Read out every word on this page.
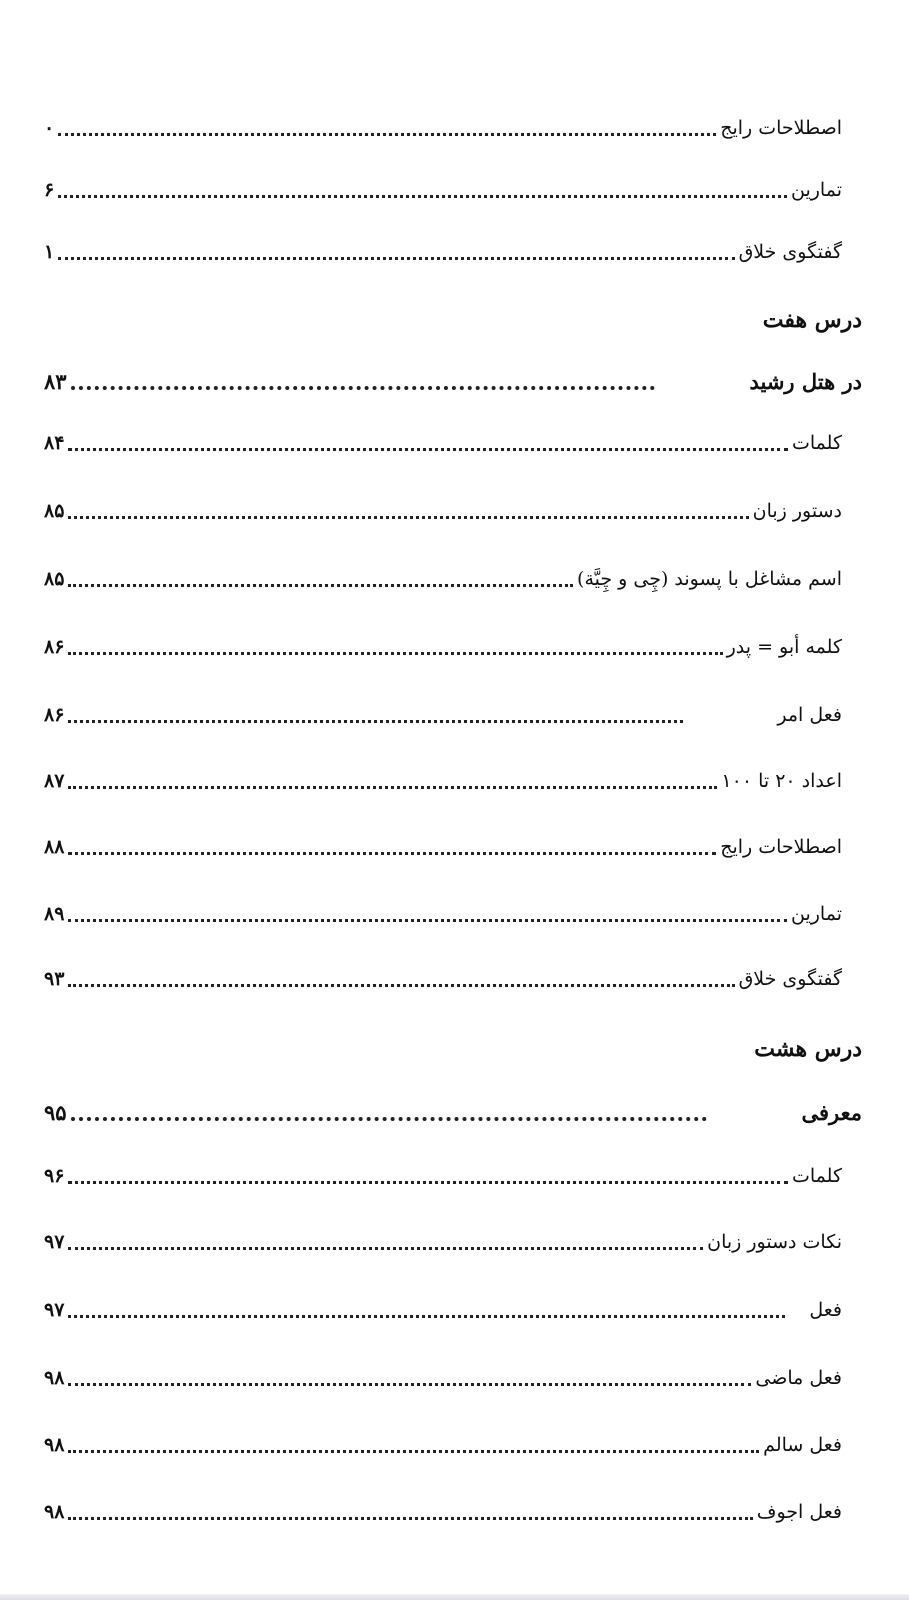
اصطلاحات رایج
۰
تمارین
۶
گفتگوی خلاق
۱
درس هفت
در هتل رشید
۸۳
کلمات
۸۴
دستور زبان
۸۵
اسم مشاغل با پسوند (چِی و چِیَّة)
۸۵
کلمه أبو = پدر
۸۶
فعل امر
۸۶
اعداد ۲۰ تا ۱۰۰
۸۷
اصطلاحات رایج
۸۸
تمارین
۸۹
گفتگوی خلاق
۹۳
درس هشت
معرفی
۹۵
کلمات
۹۶
نکات دستور زبان
۹۷
فعل
۹۷
فعل ماضی
۹۸
فعل سالم
۹۸
فعل اجوف
۹۸
